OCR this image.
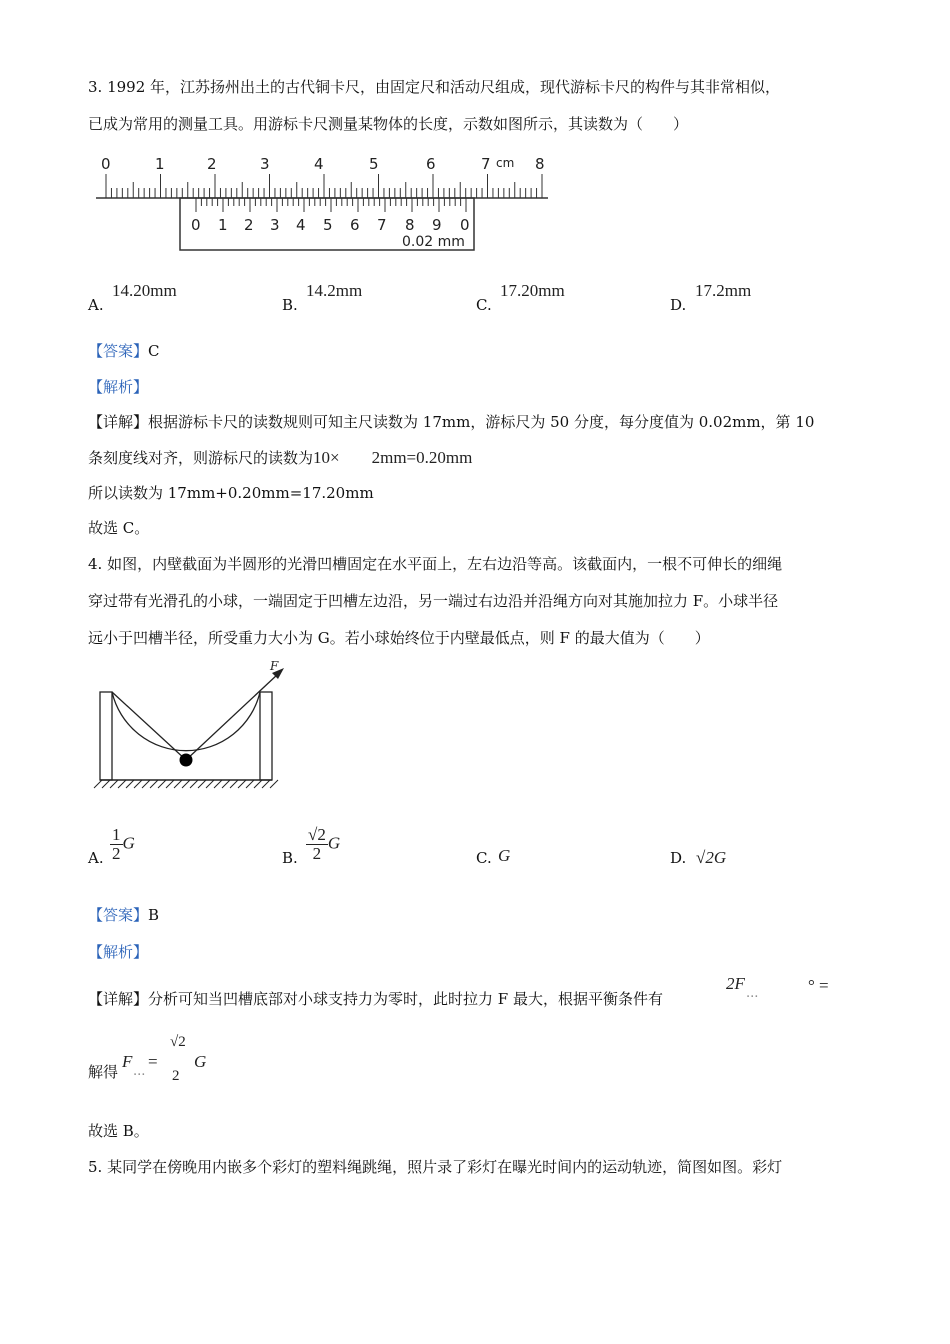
3. 1992 年，江苏扬州出土的古代铜卡尺，由固定尺和活动尺组成，现代游标卡尺的构件与其非常相似，
已成为常用的测量工具。用游标卡尺测量某物体的长度，示数如图所示，其读数为（　　）
0	1	2	3	4	5	6	7 cm 8
0 1 2 3 4 5 6 7 8 9 0
0.02 mm
A.
14.20mm
B.
14.2mm
C.
17.20mm
D.
17.2mm
【答案】C
【解析】
【详解】根据游标卡尺的读数规则可知主尺读数为 17mm，游标尺为 50 分度，每分度值为 0.02mm，第 10
条刻度线对齐，则游标尺的读数为10× 2mm=0.20mm
所以读数为 17mm+0.20mm=17.20mm
故选 C。
4. 如图，内壁截面为半圆形的光滑凹槽固定在水平面上，左右边沿等高。该截面内，一根不可伸长的细绳
穿过带有光滑孔的小球，一端固定于凹槽左边沿，另一端过右边沿并沿绳方向对其施加拉力 F。小球半径
远小于凹槽半径，所受重力大小为 G。若小球始终位于内壁最低点，则 F 的最大值为（　　）
F
A. $\frac{1}{2}$ G
B. $\frac{√2}{2}$ G
C. G	D. √2G
【答案】B
【解析】
【详解】分析可知当凹槽底部对小球支持力为零时，此时拉力 F 最大，根据平衡条件有
2F
...	° =
解得
F
...
=
√2
2
G
故选 B。
5. 某同学在傍晚用内嵌多个彩灯的塑料绳跳绳，照片录了彩灯在曝光时间内的运动轨迹，简图如图。彩灯
